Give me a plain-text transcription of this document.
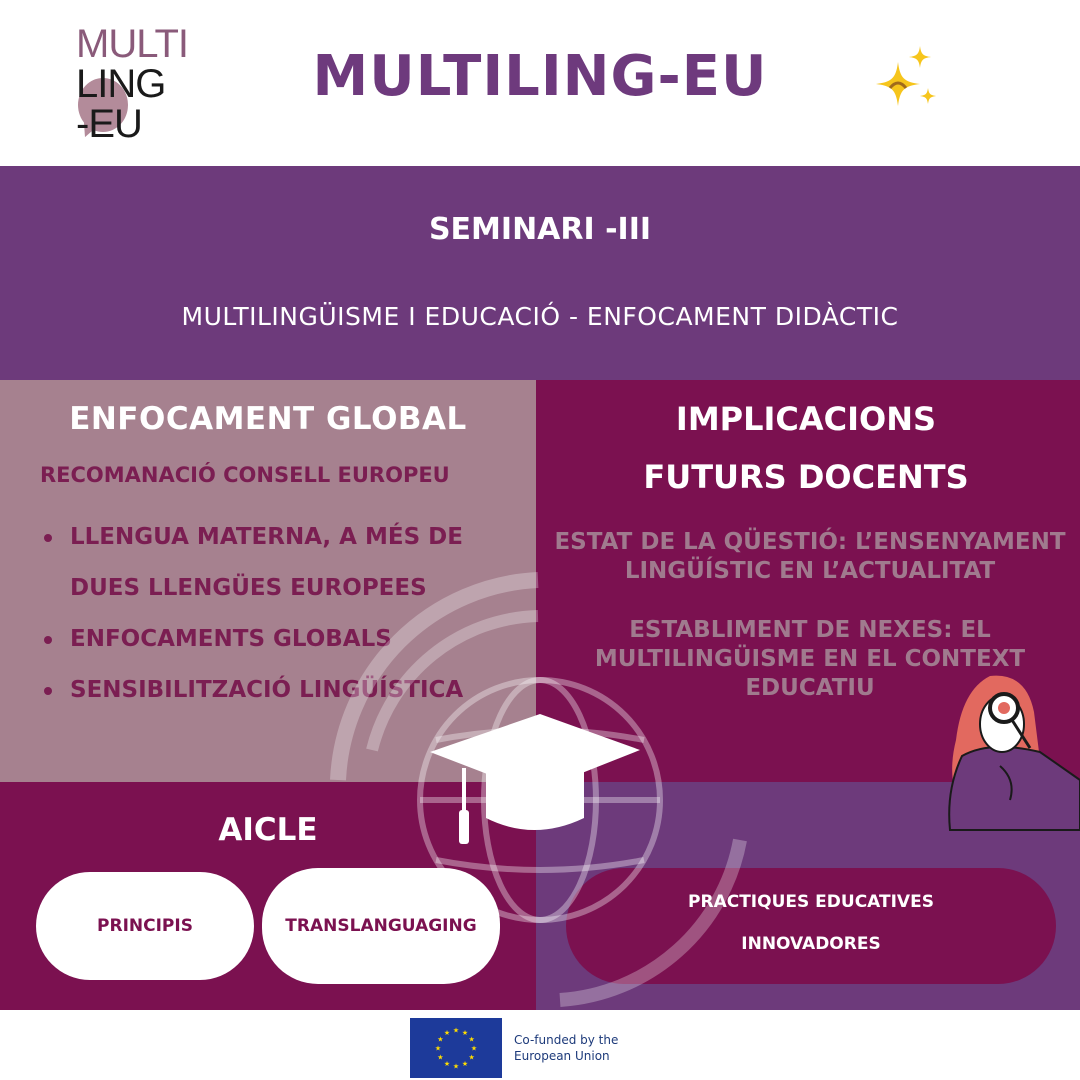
MULTI
LING
-EU
MULTILING-EU
SEMINARI -III
MULTILINGÜISME I EDUCACIÓ - ENFOCAMENT DIDÀCTIC
ENFOCAMENT GLOBAL
RECOMANACIÓ CONSELL EUROPEU
LLENGUA MATERNA, A MÉS DE DUES LLENGÜES EUROPEES
ENFOCAMENTS GLOBALS
SENSIBILITZACIÓ LINGÜÍSTICA
IMPLICACIONS
FUTURS DOCENTS
ESTAT DE LA QÜESTIÓ: L’ENSENYAMENT LINGÜÍSTIC EN L’ACTUALITAT
ESTABLIMENT DE NEXES: EL MULTILINGÜISME EN EL CONTEXT EDUCATIU
AICLE
PRINCIPIS	TRANSLANGUAGING
PRACTIQUES EDUCATIVES
INNOVADORES
★
★
★
★
★
★
★
★
★ ★ ★
★	Co-funded by the
European Union
